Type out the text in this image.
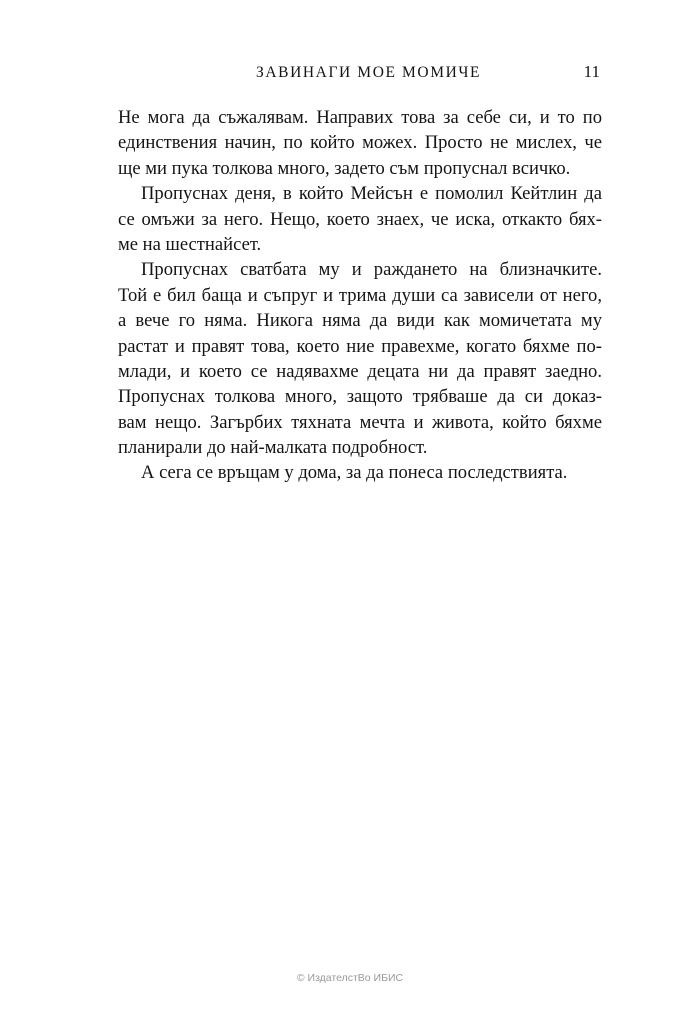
ЗАВИНАГИ МОЕ МОМИЧЕ	11
Не мога да съжалявам. Направих това за себе си, и то по
единствения начин, по който можех. Просто не мислех, че
ще ми пука толкова много, задето съм пропуснал всичко.
Пропуснах деня, в който Мейсън е помолил Кейтлин да
се омъжи за него. Нещо, което знаех, че иска, откакто бях-
ме на шестнайсет.
Пропуснах сватбата му и раждането на близначките.
Той е бил баща и съпруг и трима души са зависели от него,
а вече го няма. Никога няма да види как момичетата му
растат и правят това, което ние правехме, когато бяхме по-
млади, и което се надявахме децата ни да правят заедно.
Пропуснах толкова много, защото трябваше да си доказ-
вам нещо. Загърбих тяхната мечта и живота, който бяхме
планирали до най-малката подробност.
А сега се връщам у дома, за да понеса последствията.
© ИздателстВо ИБИС
